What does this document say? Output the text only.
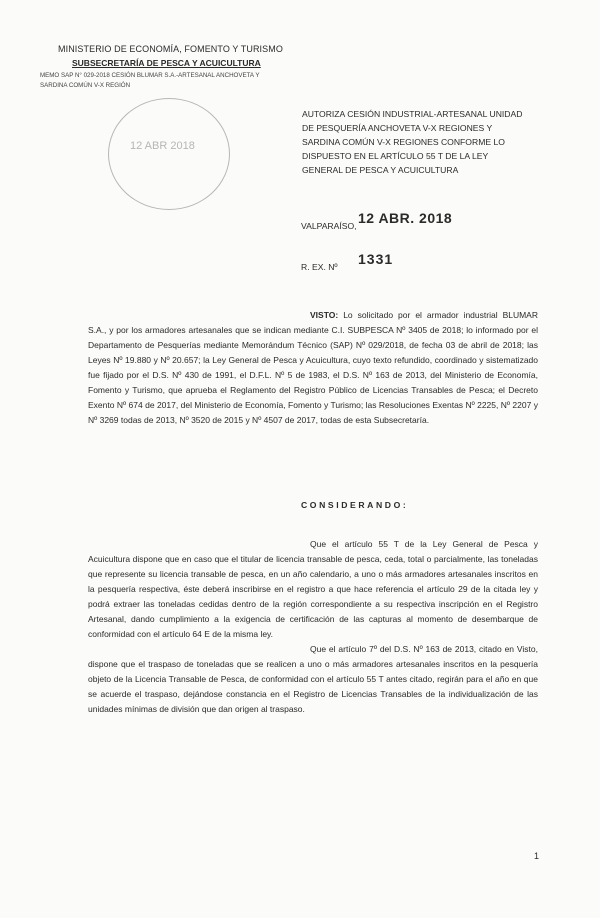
MINISTERIO DE ECONOMÍA, FOMENTO Y TURISMO
SUBSECRETARÍA DE PESCA Y ACUICULTURA
MEMO SAP N° 029-2018 CESIÓN BLUMAR S.A.-ARTESANAL ANCHOVETA Y SARDINA COMÚN V-X REGIÓN
12 ABR 2018
AUTORIZA CESIÓN INDUSTRIAL-ARTESANAL UNIDAD DE PESQUERÍA ANCHOVETA V-X REGIONES Y SARDINA COMÚN V-X REGIONES CONFORME LO DISPUESTO EN EL ARTÍCULO 55 T DE LA LEY GENERAL DE PESCA Y ACUICULTURA
VALPARAÍSO, 12 ABR. 2018
R. EX. Nº 1331
VISTO: Lo solicitado por el armador industrial BLUMAR S.A., y por los armadores artesanales que se indican mediante C.I. SUBPESCA Nº 3405 de 2018; lo informado por el Departamento de Pesquerías mediante Memorándum Técnico (SAP) Nº 029/2018, de fecha 03 de abril de 2018; las Leyes Nº 19.880 y Nº 20.657; la Ley General de Pesca y Acuicultura, cuyo texto refundido, coordinado y sistematizado fue fijado por el D.S. Nº 430 de 1991, el D.F.L. Nº 5 de 1983, el D.S. Nº 163 de 2013, del Ministerio de Economía, Fomento y Turismo, que aprueba el Reglamento del Registro Público de Licencias Transables de Pesca; el Decreto Exento Nº 674 de 2017, del Ministerio de Economía, Fomento y Turismo; las Resoluciones Exentas Nº 2225, Nº 2207 y Nº 3269 todas de 2013, Nº 3520 de 2015 y Nº 4507 de 2017, todas de esta Subsecretaría.
CONSIDERANDO:
Que el artículo 55 T de la Ley General de Pesca y Acuicultura dispone que en caso que el titular de licencia transable de pesca, ceda, total o parcialmente, las toneladas que represente su licencia transable de pesca, en un año calendario, a uno o más armadores artesanales inscritos en la pesquería respectiva, éste deberá inscribirse en el registro a que hace referencia el artículo 29 de la citada ley y podrá extraer las toneladas cedidas dentro de la región correspondiente a su respectiva inscripción en el Registro Artesanal, dando cumplimiento a la exigencia de certificación de las capturas al momento de desembarque de conformidad con el artículo 64 E de la misma ley.
Que el artículo 7º del D.S. Nº 163 de 2013, citado en Visto, dispone que el traspaso de toneladas que se realicen a uno o más armadores artesanales inscritos en la pesquería objeto de la Licencia Transable de Pesca, de conformidad con el artículo 55 T antes citado, regirán para el año en que se acuerde el traspaso, dejándose constancia en el Registro de Licencias Transables de la individualización de las unidades mínimas de división que dan origen al traspaso.
1
